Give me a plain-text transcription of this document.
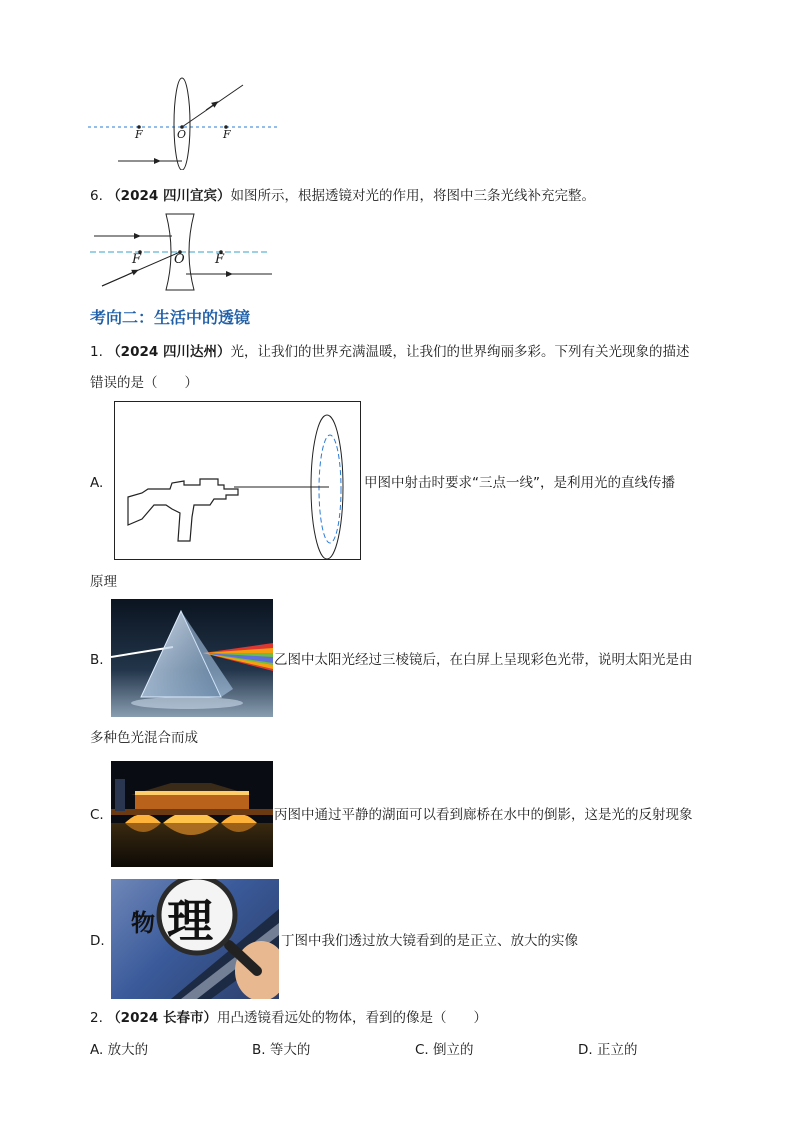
F	O	F
6. （2024 四川宜宾）如图所示，根据透镜对光的作用，将图中三条光线补充完整。
F	O F
考向二：生活中的透镜
1. （2024 四川达州）光，让我们的世界充满温暖，让我们的世界绚丽多彩。下列有关光现象的描述
错误的是（　　）
A.	甲图中射击时要求“三点一线”，是利用光的直线传播
原理
B.	乙图中太阳光经过三棱镜后，在白屏上呈现彩色光带，说明太阳光是由
多种色光混合而成
C.	丙图中通过平静的湖面可以看到廊桥在水中的倒影，这是光的反射现象
D.
物 理	丁图中我们透过放大镜看到的是正立、放大的实像
2. （2024 长春市）用凸透镜看远处的物体，看到的像是（　　）
A. 放大的	B. 等大的	C. 倒立的	D. 正立的
